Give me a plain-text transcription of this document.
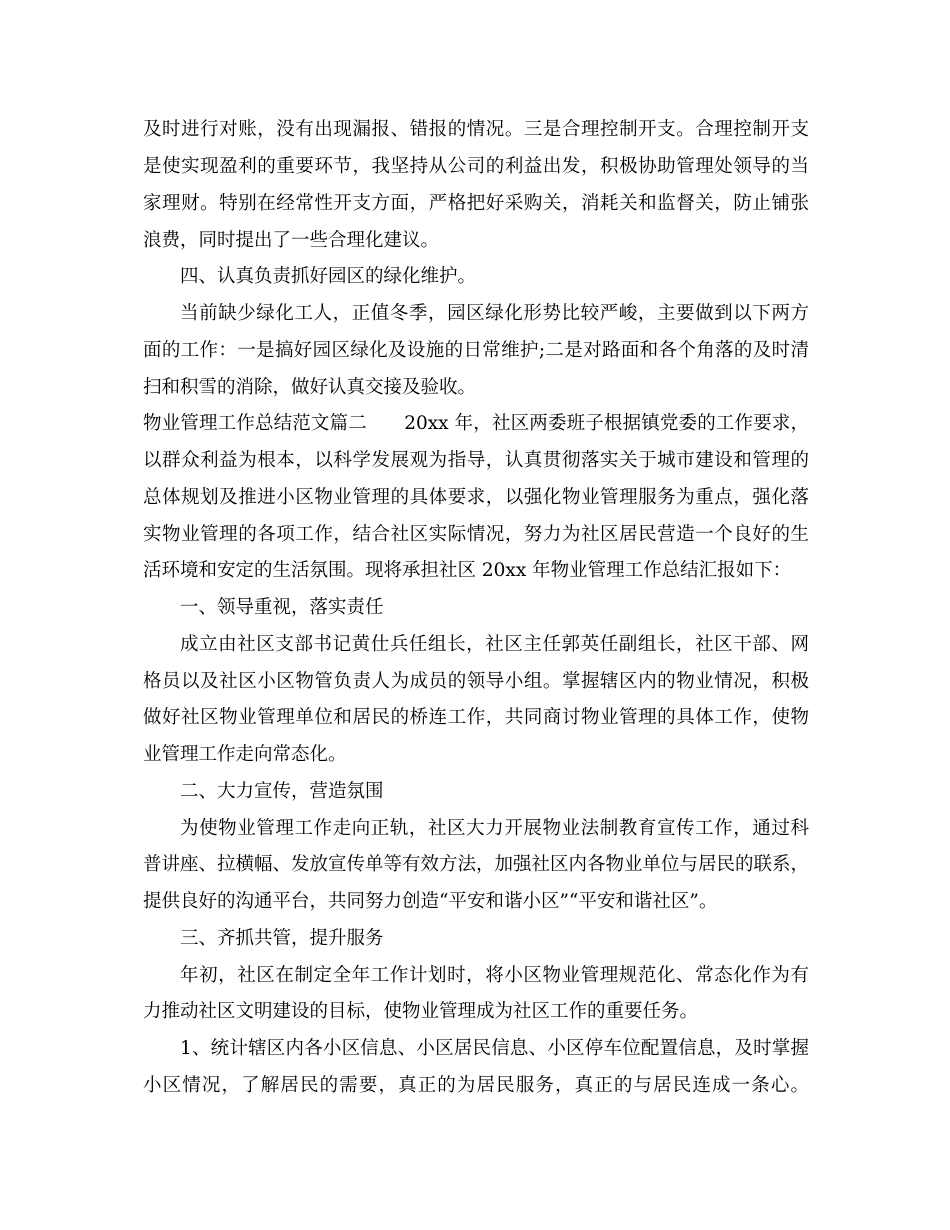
及时进行对账，没有出现漏报、错报的情况。三是合理控制开支。合理控制开支
是使实现盈利的重要环节，我坚持从公司的利益出发，积极协助管理处领导的当
家理财。特别在经常性开支方面，严格把好采购关，消耗关和监督关，防止铺张
浪费，同时提出了一些合理化建议。
四、认真负责抓好园区的绿化维护。
当前缺少绿化工人，正值冬季，园区绿化形势比较严峻，主要做到以下两方
面的工作：一是搞好园区绿化及设施的日常维护;二是对路面和各个角落的及时清
扫和积雪的消除，做好认真交接及验收。
物业管理工作总结范文篇二　　20xx 年，社区两委班子根据镇党委的工作要求，
以群众利益为根本，以科学发展观为指导，认真贯彻落实关于城市建设和管理的
总体规划及推进小区物业管理的具体要求，以强化物业管理服务为重点，强化落
实物业管理的各项工作，结合社区实际情况，努力为社区居民营造一个良好的生
活环境和安定的生活氛围。现将承担社区 20xx 年物业管理工作总结汇报如下：
一、领导重视，落实责任
成立由社区支部书记黄仕兵任组长，社区主任郭英任副组长，社区干部、网
格员以及社区小区物管负责人为成员的领导小组。掌握辖区内的物业情况，积极
做好社区物业管理单位和居民的桥连工作，共同商讨物业管理的具体工作，使物
业管理工作走向常态化。
二、大力宣传，营造氛围
为使物业管理工作走向正轨，社区大力开展物业法制教育宣传工作，通过科
普讲座、拉横幅、发放宣传单等有效方法，加强社区内各物业单位与居民的联系，
提供良好的沟通平台，共同努力创造“平安和谐小区”“平安和谐社区”。
三、齐抓共管，提升服务
年初，社区在制定全年工作计划时，将小区物业管理规范化、常态化作为有
力推动社区文明建设的目标，使物业管理成为社区工作的重要任务。
1、统计辖区内各小区信息、小区居民信息、小区停车位配置信息，及时掌握
小区情况，了解居民的需要，真正的为居民服务，真正的与居民连成一条心。
